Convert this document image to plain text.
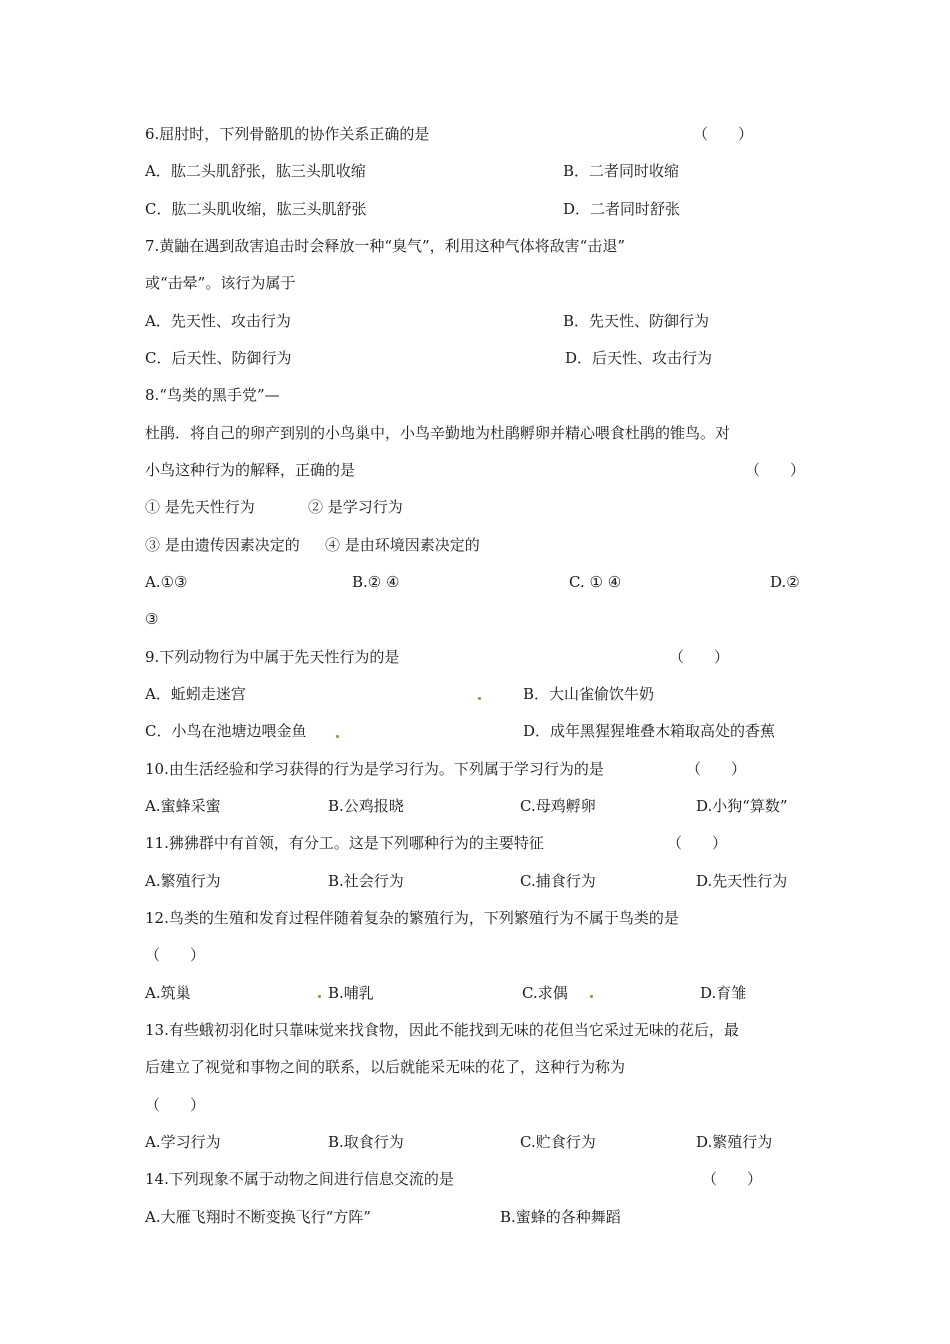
6.屈肘时，下列骨骼肌的协作关系正确的是	（　　）
A．肱二头肌舒张，肱三头肌收缩	B．二者同时收缩
C．肱二头肌收缩，肱三头肌舒张	D．二者同时舒张
7.黄鼬在遇到敌害追击时会释放一种“臭气”，利用这种气体将敌害“击退”
或“击晕”。该行为属于
A．先天性、攻击行为	B．先天性、防御行为
C．后天性、防御行为	D．后天性、攻击行为
8.“鸟类的黑手党”—
杜鹃．将自己的卵产到别的小鸟巢中，小鸟辛勤地为杜鹃孵卵并精心喂食杜鹃的锥鸟。对
小鸟这种行为的解释，正确的是	（　　）
① 是先天性行为	② 是学习行为
③ 是由遗传因素决定的 ④ 是由环境因素决定的
A.①③	B.② ④	C. ① ④	D.②
③
9.下列动物行为中属于先天性行为的是	（　　）
A．蚯蚓走迷宫	B．大山雀偷饮牛奶
C．小鸟在池塘边喂金鱼	D．成年黑猩猩堆叠木箱取高处的香蕉
10.由生活经验和学习获得的行为是学习行为。下列属于学习行为的是	（　　）
A.蜜蜂采蜜	B.公鸡报晓	C.母鸡孵卵	D.小狗“算数”
11.狒狒群中有首领，有分工。这是下列哪种行为的主要特征	（　　）
A.繁殖行为	B.社会行为	C.捕食行为	D.先天性行为
12.鸟类的生殖和发育过程伴随着复杂的繁殖行为，下列繁殖行为不属于鸟类的是
（　　）
A.筑巢	B.哺乳	C.求偶	D.育雏
13.有些蛾初羽化时只靠味觉来找食物，因此不能找到无味的花但当它采过无味的花后，最
后建立了视觉和事物之间的联系，以后就能采无味的花了，这种行为称为
（　　）
A.学习行为	B.取食行为	C.贮食行为	D.繁殖行为
14.下列现象不属于动物之间进行信息交流的是	（　　）
A.大雁飞翔时不断变换飞行“方阵”	B.蜜蜂的各种舞蹈
